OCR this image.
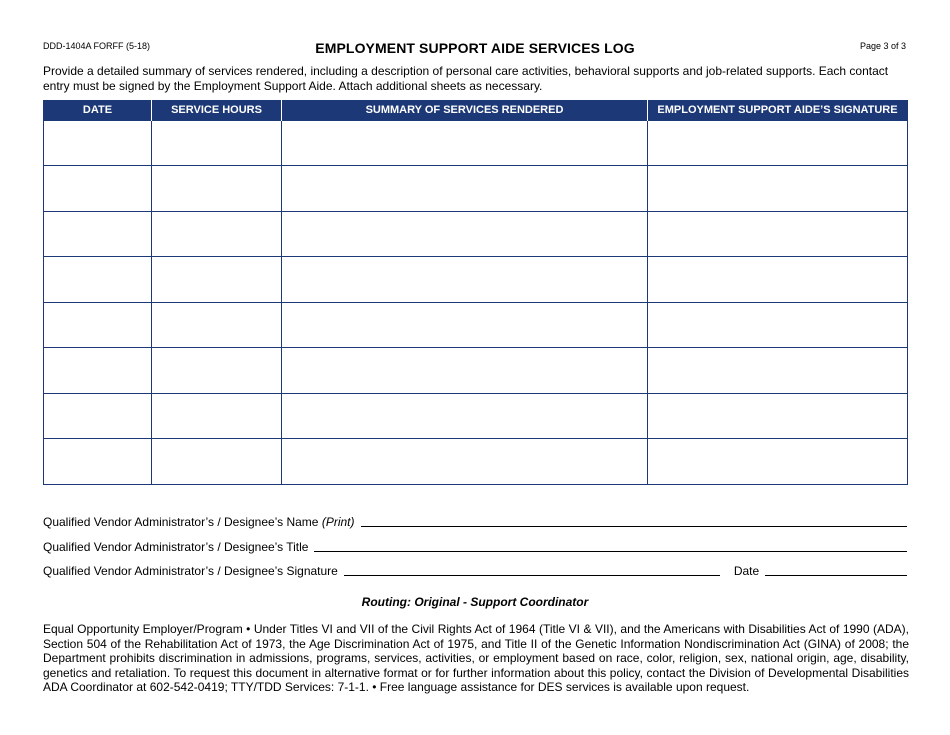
DDD-1404A FORFF (5-18)	EMPLOYMENT SUPPORT AIDE SERVICES LOG	Page 3 of 3
Provide a detailed summary of services rendered, including a description of personal care activities, behavioral supports and job-related supports. Each contact entry must be signed by the Employment Support Aide. Attach additional sheets as necessary.
DATE	SERVICE HOURS	SUMMARY OF SERVICES RENDERED	EMPLOYMENT SUPPORT AIDE’S SIGNATURE

Qualified Vendor Administrator’s / Designee’s Name (Print)
Qualified Vendor Administrator’s / Designee’s Title
Qualified Vendor Administrator’s / Designee’s Signature	Date
Routing: Original - Support Coordinator
Equal Opportunity Employer/Program • Under Titles VI and VII of the Civil Rights Act of 1964 (Title VI & VII), and the Americans with Disabilities Act of 1990 (ADA), Section 504 of the Rehabilitation Act of 1973, the Age Discrimination Act of 1975, and Title II of the Genetic Information Nondiscrimination Act (GINA) of 2008; the Department prohibits discrimination in admissions, programs, services, activities, or employment based on race, color, religion, sex, national origin, age, disability, genetics and retaliation. To request this document in alternative format or for further information about this policy, contact the Division of Developmental Disabilities ADA Coordinator at 602-542-0419; TTY/TDD Services: 7-1-1. • Free language assistance for DES services is available upon request.
